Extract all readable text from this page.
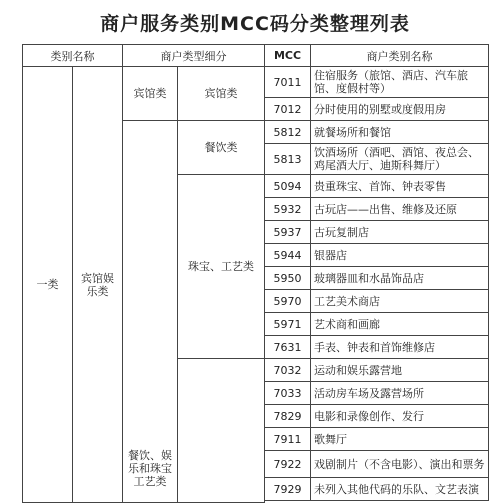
商户服务类别MCC码分类整理列表
类别名称		商户类型细分		MCC	商户类别名称
一类	宾馆娱乐类	宾馆类	宾馆类	7011	住宿服务（旅馆、酒店、汽车旅馆、度假村等）
				7012	分时使用的别墅或度假用房
		餐饮、娱乐和珠宝工艺类	餐饮类	5812	就餐场所和餐馆
				5813	饮酒场所（酒吧、酒馆、夜总会、鸡尾酒大厅、迪斯科舞厅）
			珠宝、工艺类	5094	贵重珠宝、首饰、钟表零售
				5932	古玩店——出售、维修及还原
				5937	古玩复制店
				5944	银器店
				5950	玻璃器皿和水晶饰品店
				5970	工艺美术商店
				5971	艺术商和画廊
				7631	手表、钟表和首饰维修店
				7032	运动和娱乐露营地
				7033	活动房车场及露营场所
				7829	电影和录像创作、发行
				7911	歌舞厅
				7922	戏剧制片（不含电影）、演出和票务
				7929	未列入其他代码的乐队、文艺表演
